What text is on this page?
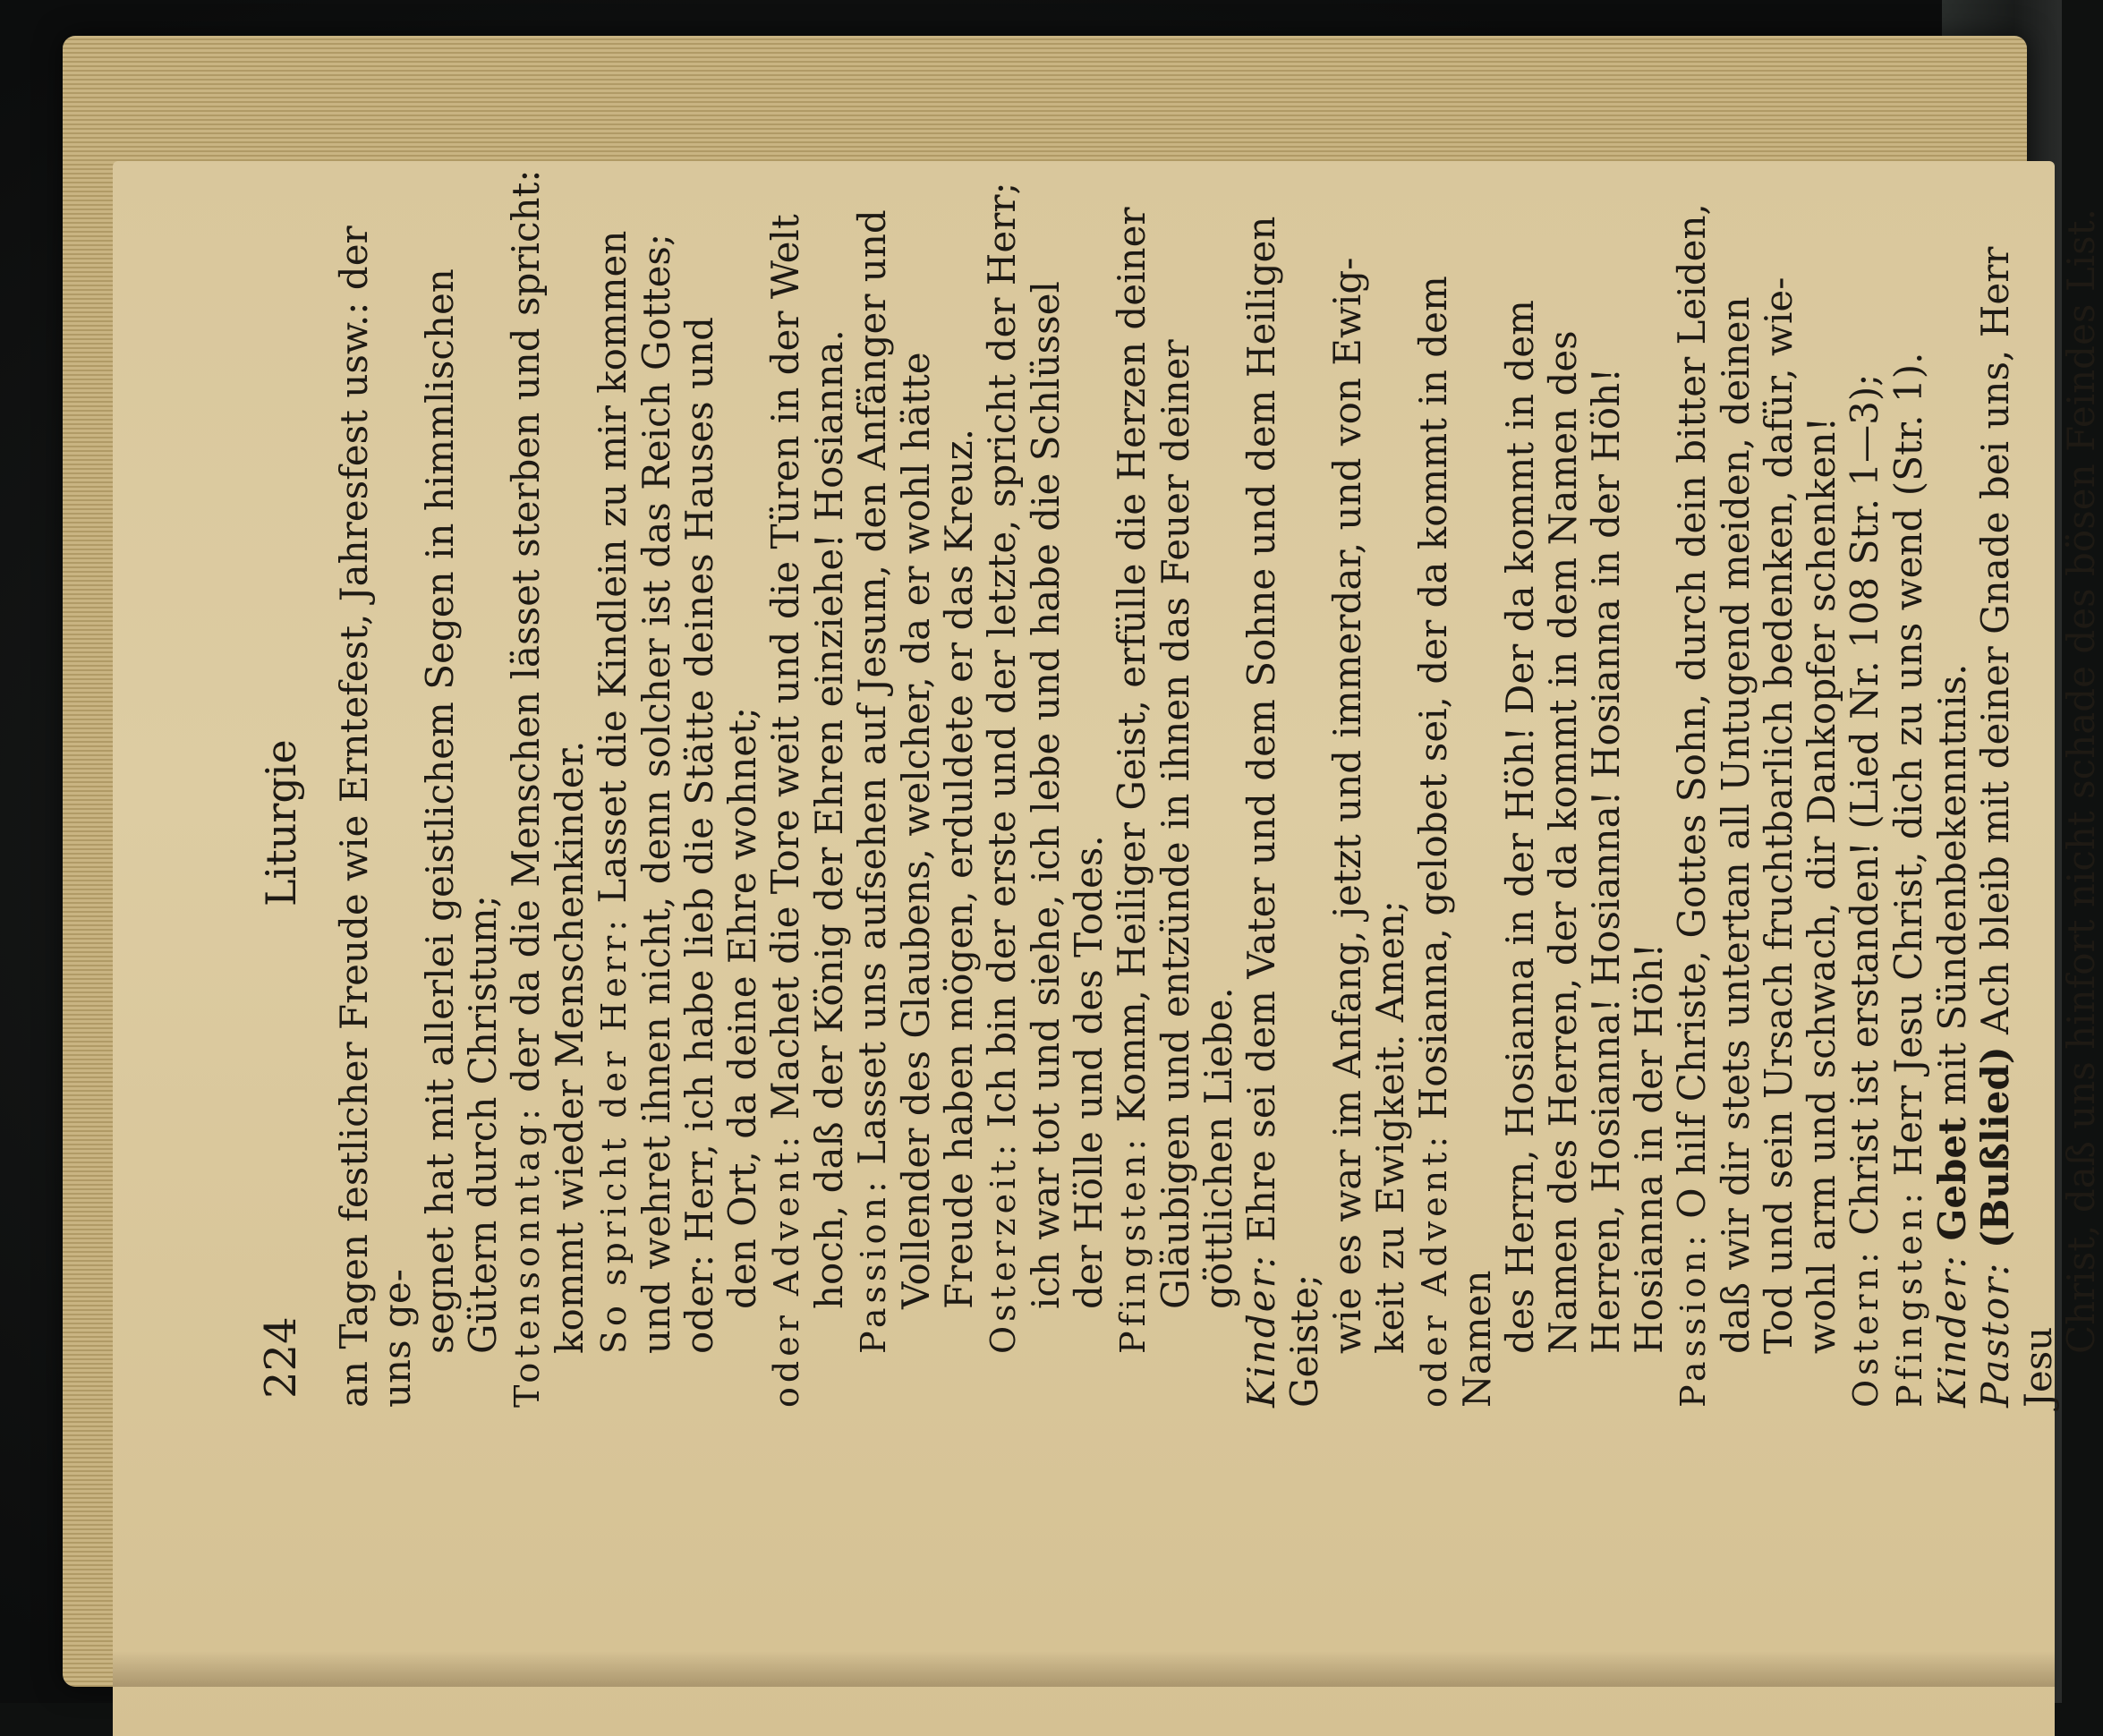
224
Liturgie an Tagen festlicher Freude wie Erntefest, Jahresfest usw.: der uns ge- segnet hat mit allerlei geistlichem Segen in himmlischen Gütern durch Christum; Totensonntag: der da die Menschen lässet sterben und spricht: kommt wieder Menschenkinder. So spricht der Herr: Lasset die Kindlein zu mir kommen und wehret ihnen nicht, denn solcher ist das Reich Gottes; oder: Herr, ich habe lieb die Stätte deines Hauses und den Ort, da deine Ehre wohnet; oder Advent: Machet die Tore weit und die Türen in der Welt hoch, daß der König der Ehren einziehe! Hosianna. Passion: Lasset uns aufsehen auf Jesum, den Anfänger und Vollender des Glaubens, welcher, da er wohl hätte Freude haben mögen, erduldete er das Kreuz. Osterzeit: Ich bin der erste und der letzte, spricht der Herr; ich war tot und siehe, ich lebe und habe die Schlüssel der Hölle und des Todes. Pfingsten: Komm, Heiliger Geist, erfülle die Herzen deiner Gläubigen und entzünde in ihnen das Feuer deiner göttlichen Liebe.

Kinder: Ehre sei dem Vater und dem Sohne und dem Heiligen Geiste; wie es war im Anfang, jetzt und immerdar, und von Ewig- keit zu Ewigkeit. Amen; oder Advent: Hosianna, gelobet sei, der da kommt in dem Namen des Herrn, Hosianna in der Höh! Der da kommt in dem Namen des Herren, der da kommt in dem Namen des Herren, Hosianna! Hosianna! Hosianna in der Höh! Hosianna in der Höh! Passion: O hilf Christe, Gottes Sohn, durch dein bitter Leiden, daß wir dir stets untertan all Untugend meiden, deinen Tod und sein Ursach fruchtbarlich bedenken, dafür, wie- wohl arm und schwach, dir Dankopfer schenken! Ostern: Christ ist erstanden! (Lied Nr. 108 Str. 1—3);

Pfingsten: Herr Jesu Christ, dich zu uns wend (Str. 1).

Kinder: Gebet mit Sündenbekenntnis.

Pastor: (Bußlied) Ach bleib mit deiner Gnade bei uns, Herr Jesu

Christ, daß uns hinfort nicht schade des bösen Feindes List.
